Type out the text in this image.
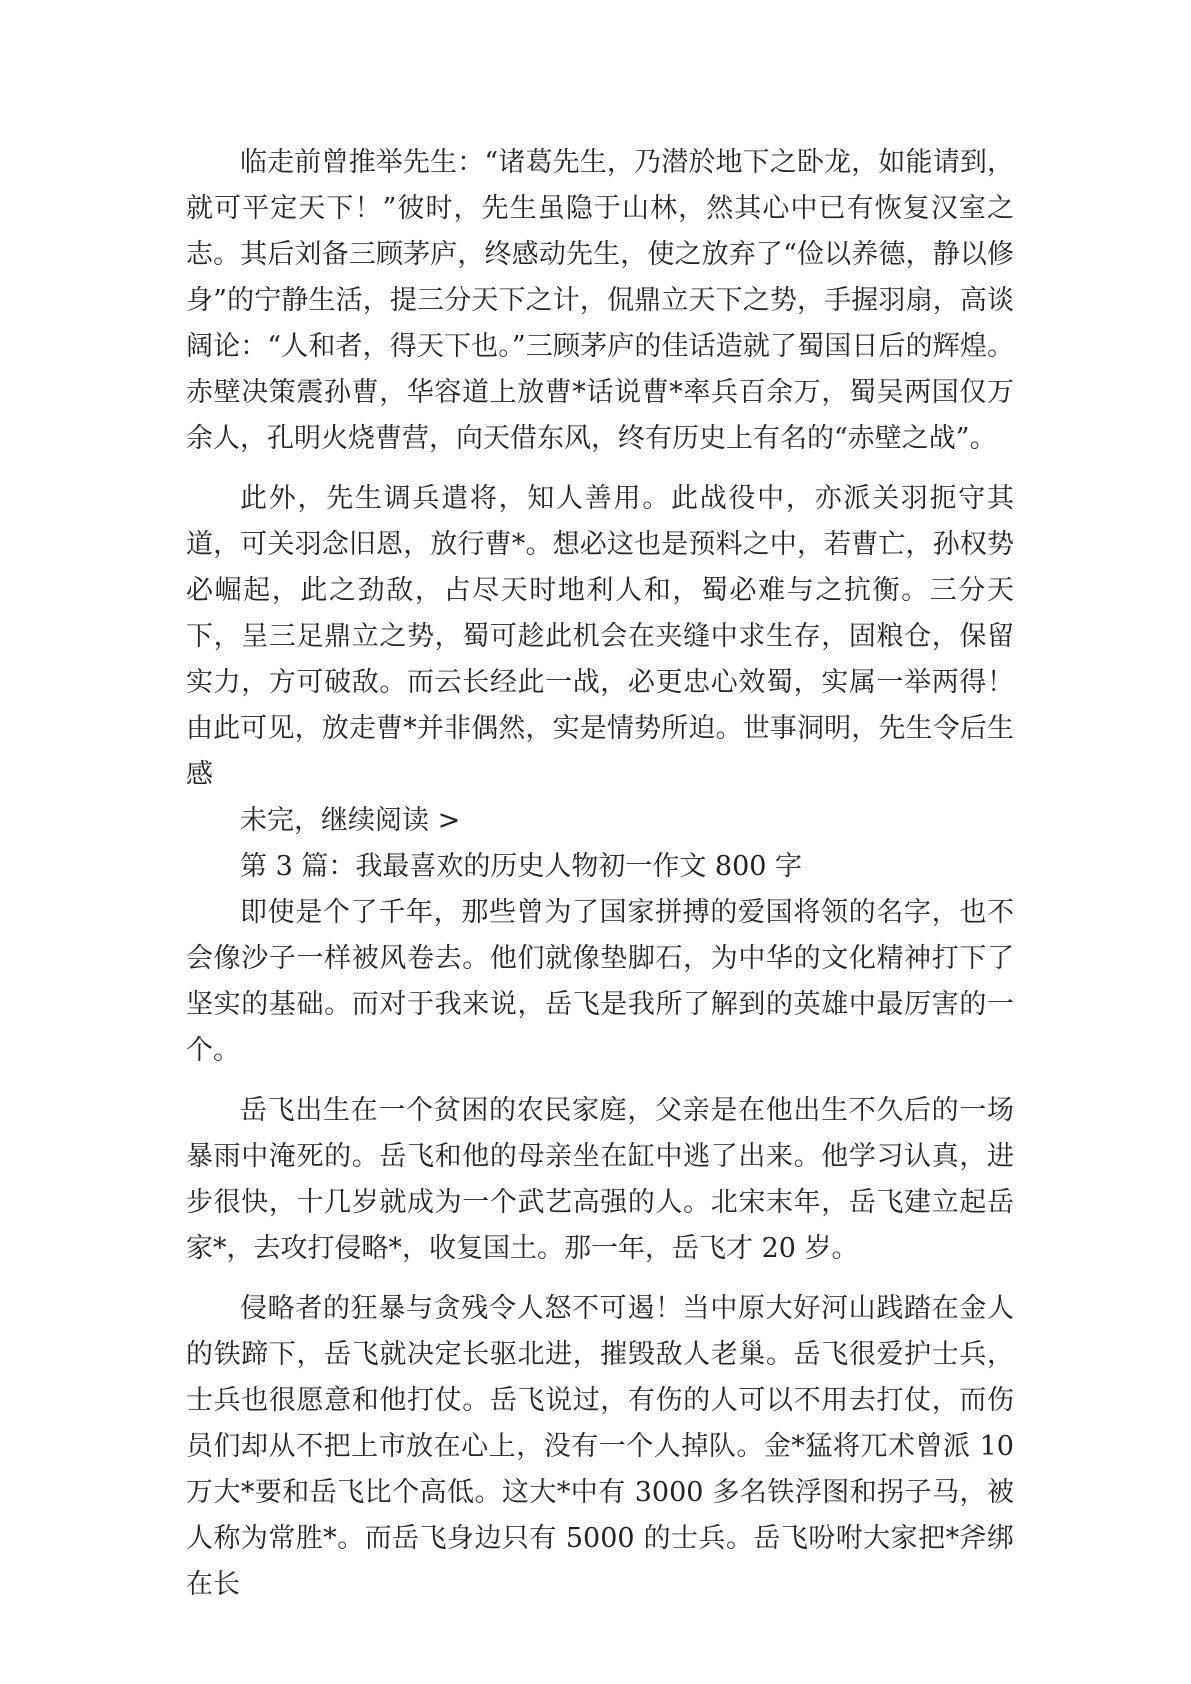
临走前曾推举先生：“诸葛先生，乃潜於地下之卧龙，如能请到，就可平定天下！”彼时，先生虽隐于山林，然其心中已有恢复汉室之志。其后刘备三顾茅庐，终感动先生，使之放弃了“俭以养德，静以修身”的宁静生活，提三分天下之计，侃鼎立天下之势，手握羽扇，高谈阔论：“人和者，得天下也。”三顾茅庐的佳话造就了蜀国日后的辉煌。赤壁决策震孙曹，华容道上放曹*话说曹*率兵百余万，蜀吴两国仅万余人，孔明火烧曹营，向天借东风，终有历史上有名的“赤壁之战”。

此外，先生调兵遣将，知人善用。此战役中，亦派关羽扼守其道，可关羽念旧恩，放行曹*。想必这也是预料之中，若曹亡，孙权势必崛起，此之劲敌，占尽天时地利人和，蜀必难与之抗衡。三分天下，呈三足鼎立之势，蜀可趁此机会在夹缝中求生存，固粮仓，保留实力，方可破敌。而云长经此一战，必更忠心效蜀，实属一举两得！由此可见，放走曹*并非偶然，实是情势所迫。世事洞明，先生令后生感

未完，继续阅读 >
第 3 篇：我最喜欢的历史人物初一作文 800 字

即使是个了千年，那些曾为了国家拼搏的爱国将领的名字，也不会像沙子一样被风卷去。他们就像垫脚石，为中华的文化精神打下了坚实的基础。而对于我来说，岳飞是我所了解到的英雄中最厉害的一个。

岳飞出生在一个贫困的农民家庭，父亲是在他出生不久后的一场暴雨中淹死的。岳飞和他的母亲坐在缸中逃了出来。他学习认真，进步很快，十几岁就成为一个武艺高强的人。北宋末年，岳飞建立起岳家*，去攻打侵略*，收复国土。那一年，岳飞才 20 岁。

侵略者的狂暴与贪残令人怒不可遏！当中原大好河山践踏在金人的铁蹄下，岳飞就决定长驱北进，摧毁敌人老巢。岳飞很爱护士兵，士兵也很愿意和他打仗。岳飞说过，有伤的人可以不用去打仗，而伤员们却从不把上市放在心上，没有一个人掉队。金*猛将兀术曾派 10万大*要和岳飞比个高低。这大*中有 3000 多名铁浮图和拐子马，被人称为常胜*。而岳飞身边只有 5000 的士兵。岳飞吩咐大家把*斧绑在长
